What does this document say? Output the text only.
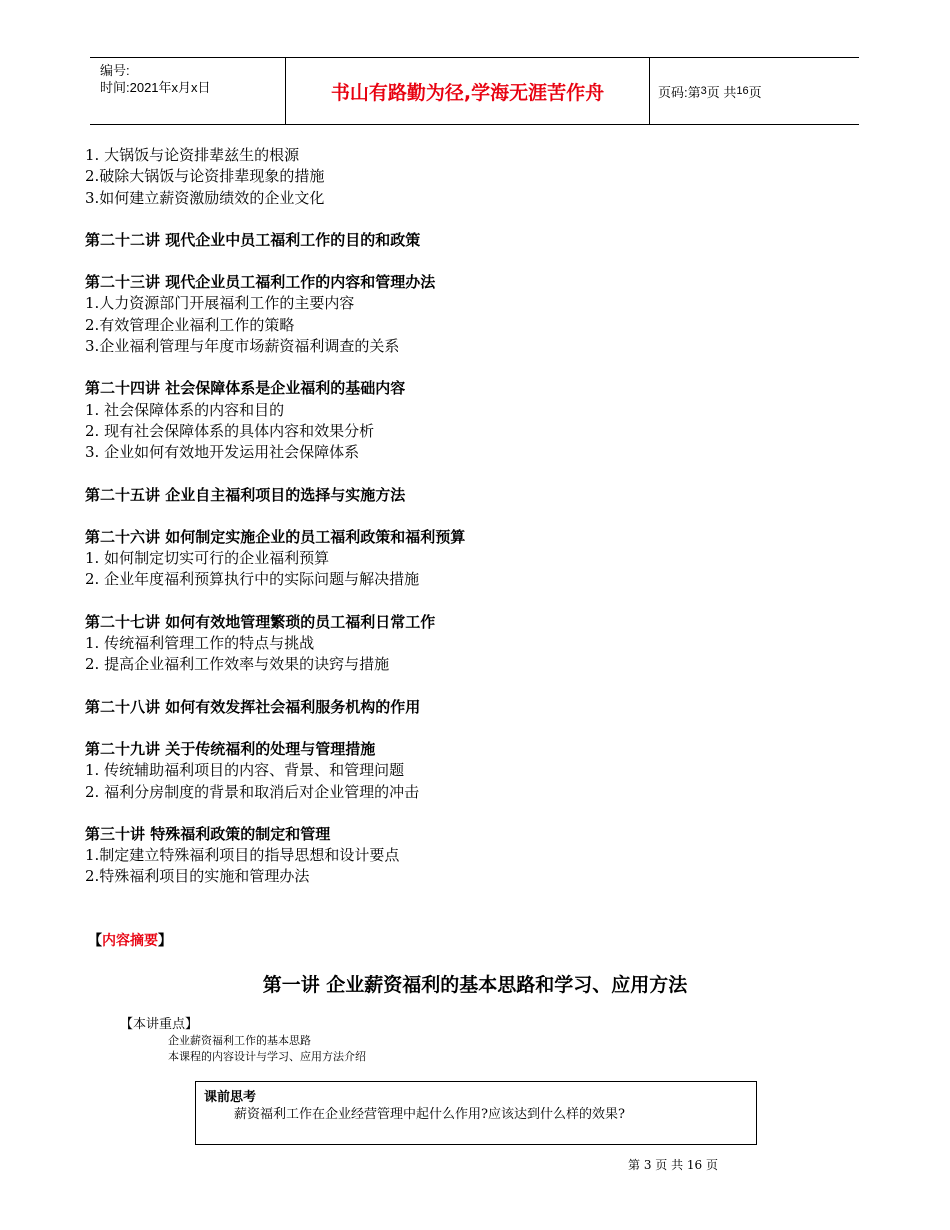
编号:
时间:2021年x月x日	书山有路勤为径,学海无涯苦作舟	页码:第 3 页 共 16 页
1. 大锅饭与论资排辈兹生的根源
2.破除大锅饭与论资排辈现象的措施
3.如何建立薪资激励绩效的企业文化
第二十二讲 现代企业中员工福利工作的目的和政策
第二十三讲 现代企业员工福利工作的内容和管理办法
1.人力资源部门开展福利工作的主要内容
2.有效管理企业福利工作的策略
3.企业福利管理与年度市场薪资福利调查的关系
第二十四讲 社会保障体系是企业福利的基础内容
1. 社会保障体系的内容和目的
2. 现有社会保障体系的具体内容和效果分析
3. 企业如何有效地开发运用社会保障体系
第二十五讲 企业自主福利项目的选择与实施方法
第二十六讲 如何制定实施企业的员工福利政策和福利预算
1. 如何制定切实可行的企业福利预算
2. 企业年度福利预算执行中的实际问题与解决措施
第二十七讲 如何有效地管理繁琐的员工福利日常工作
1. 传统福利管理工作的特点与挑战
2. 提高企业福利工作效率与效果的诀窍与措施
第二十八讲 如何有效发挥社会福利服务机构的作用
第二十九讲 关于传统福利的处理与管理措施
1. 传统辅助福利项目的内容、背景、和管理问题
2. 福利分房制度的背景和取消后对企业管理的冲击
第三十讲 特殊福利政策的制定和管理
1.制定建立特殊福利项目的指导思想和设计要点
2.特殊福利项目的实施和管理办法
【内容摘要】
第一讲 企业薪资福利的基本思路和学习、应用方法
【本讲重点】
企业薪资福利工作的基本思路
本课程的内容设计与学习、应用方法介绍
课前思考
薪资福利工作在企业经营管理中起什么作用?应该达到什么样的效果?
第 3 页 共 16 页
